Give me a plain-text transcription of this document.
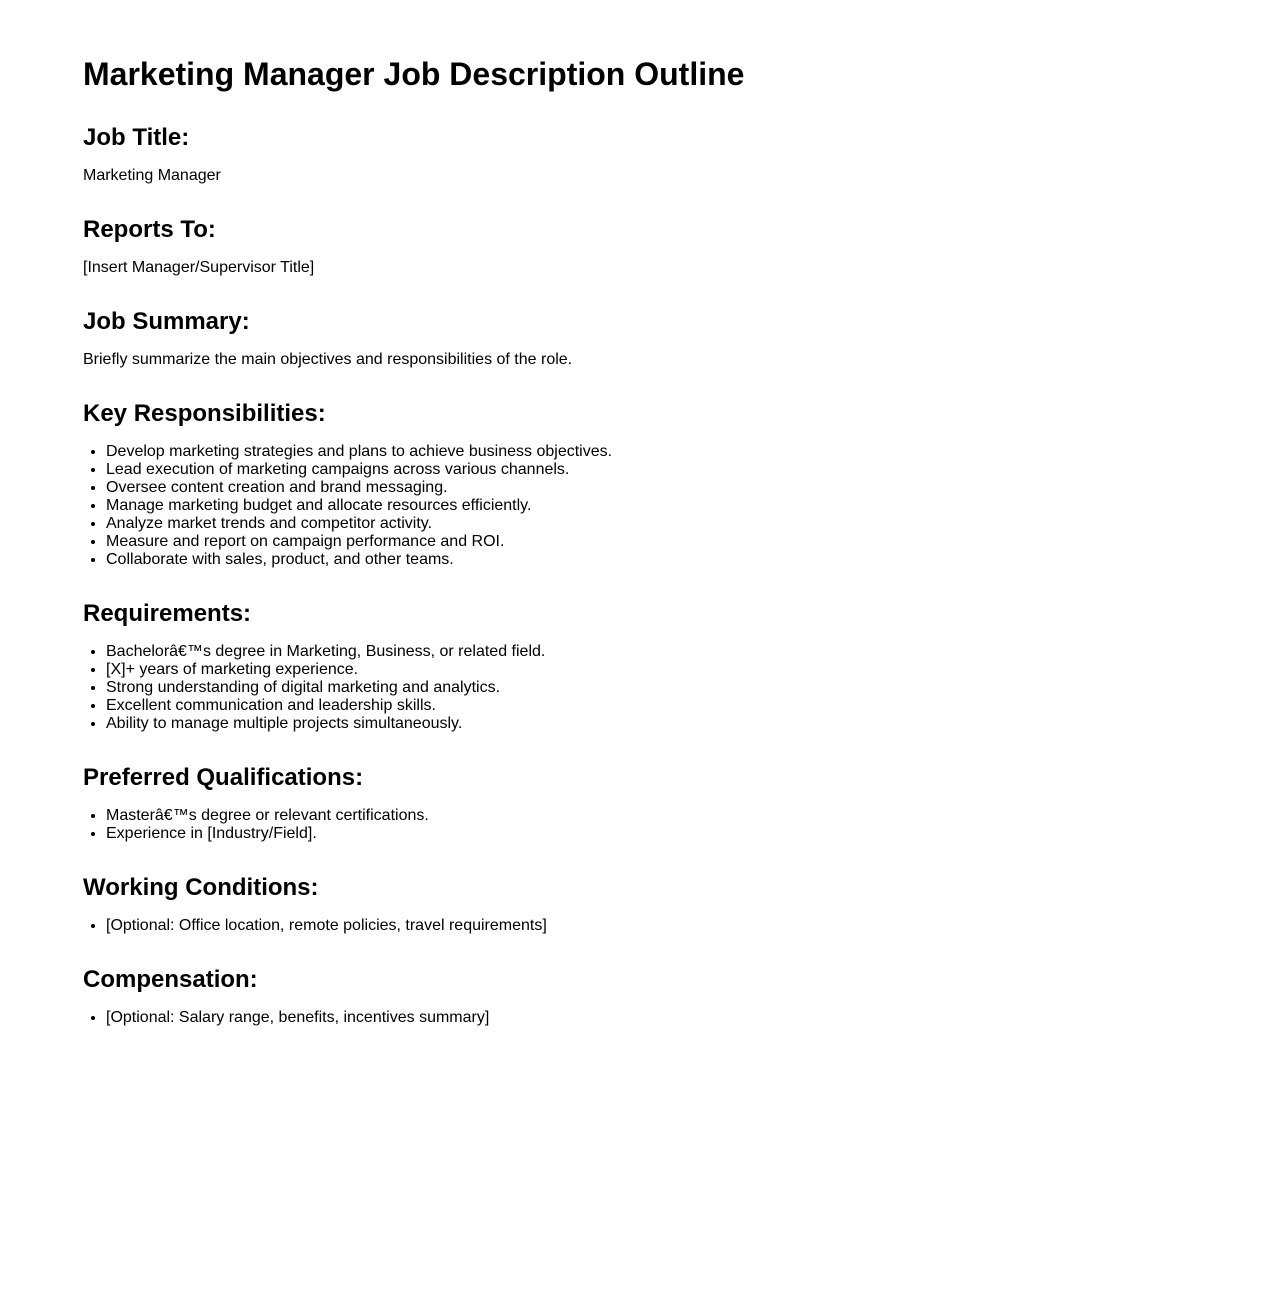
Marketing Manager Job Description Outline
Job Title:

Marketing Manager

Reports To:

[Insert Manager/Supervisor Title]

Job Summary:

Briefly summarize the main objectives and responsibilities of the role.

Key Responsibilities:
• Develop marketing strategies and plans to achieve business objectives.
• Lead execution of marketing campaigns across various channels.
• Oversee content creation and brand messaging.
• Manage marketing budget and allocate resources efficiently.
• Analyze market trends and competitor activity.
• Measure and report on campaign performance and ROI.
• Collaborate with sales, product, and other teams.
Requirements:
• Bachelorâ€™s degree in Marketing, Business, or related field.
• [X]+ years of marketing experience.
• Strong understanding of digital marketing and analytics.
• Excellent communication and leadership skills.
• Ability to manage multiple projects simultaneously.
Preferred Qualifications:
• Masterâ€™s degree or relevant certifications.
• Experience in [Industry/Field].
Working Conditions:
• [Optional: Office location, remote policies, travel requirements]
Compensation:
• [Optional: Salary range, benefits, incentives summary]
